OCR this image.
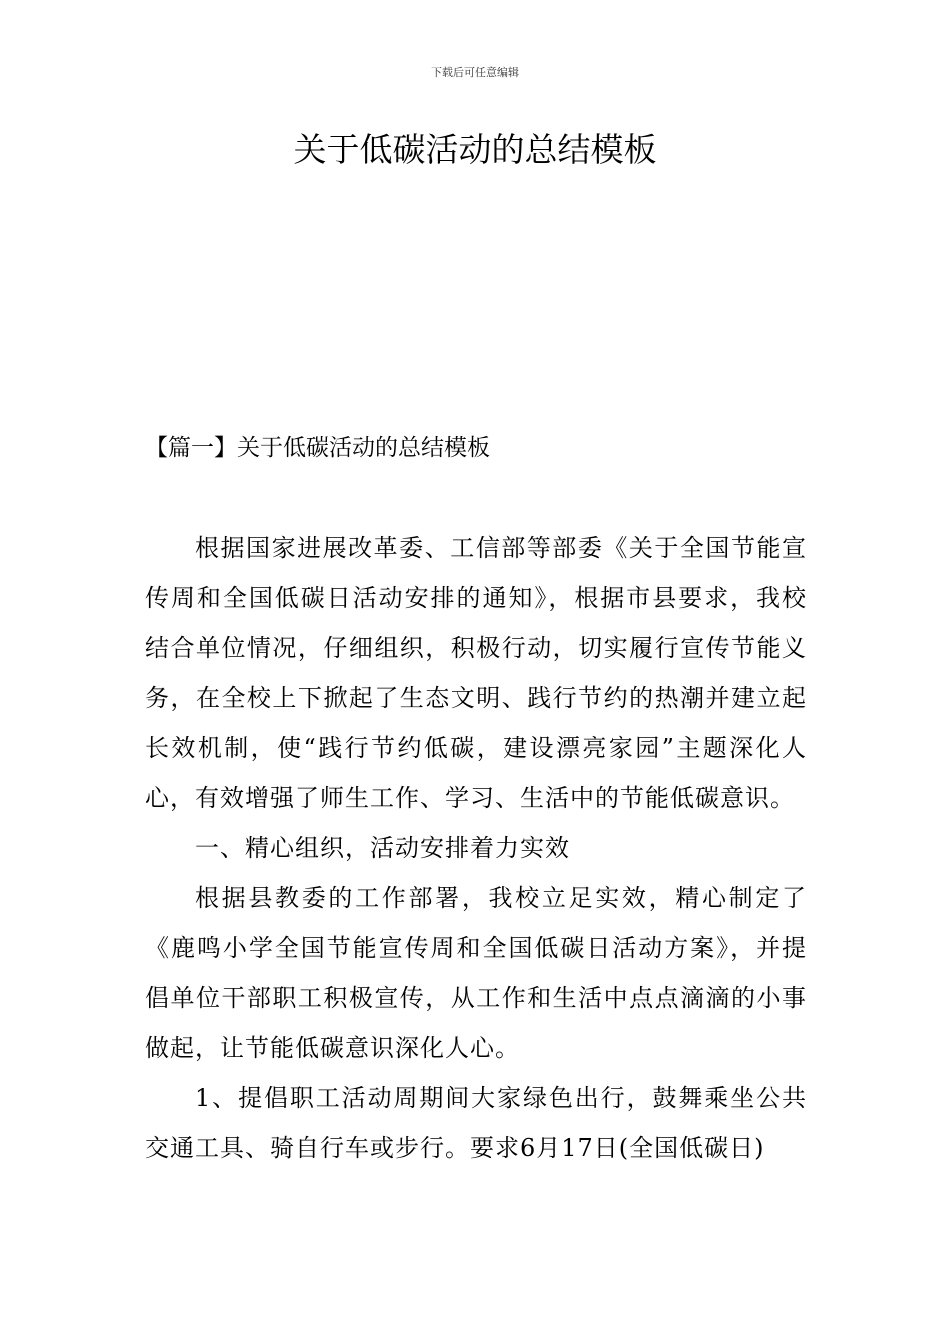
下载后可任意编辑
关于低碳活动的总结模板
【篇一】关于低碳活动的总结模板

根据国家进展改革委、工信部等部委《关于全国节能宣传周和全国低碳日活动安排的通知》，根据市县要求，我校结合单位情况，仔细组织，积极行动，切实履行宣传节能义务，在全校上下掀起了生态文明、践行节约的热潮并建立起长效机制，使“践行节约低碳，建设漂亮家园”主题深化人心，有效增强了师生工作、学习、生活中的节能低碳意识。

一、精心组织，活动安排着力实效

根据县教委的工作部署，我校立足实效，精心制定了《鹿鸣小学全国节能宣传周和全国低碳日活动方案》，并提倡单位干部职工积极宣传，从工作和生活中点点滴滴的小事做起，让节能低碳意识深化人心。

1、提倡职工活动周期间大家绿色出行，鼓舞乘坐公共交通工具、骑自行车或步行。要求6月17日(全国低碳日)
